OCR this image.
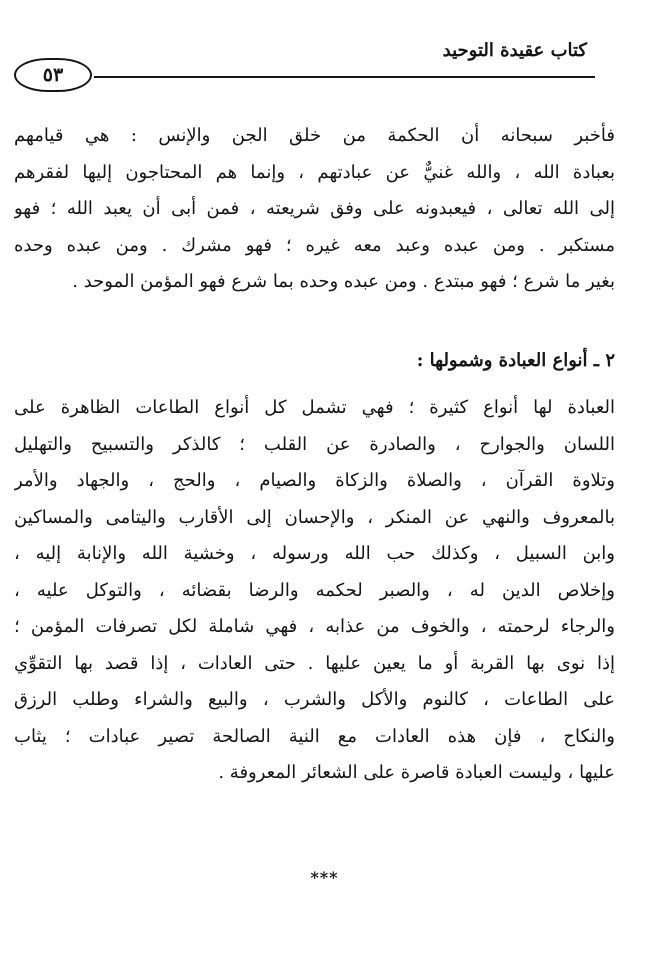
كتاب عقيدة التوحيد
٥٣
فأخبر سبحانه أن الحكمة من خلق الجن والإنس : هي قيامهم
بعبادة الله ، والله غنيٌّ عن عبادتهم ، وإنما هم المحتاجون إليها لفقرهم
إلى الله تعالى ، فيعبدونه على وفق شريعته ، فمن أبى أن يعبد الله ؛ فهو
مستكبر . ومن عبده وعبد معه غيره ؛ فهو مشرك . ومن عبده وحده
بغير ما شرع ؛ فهو مبتدع . ومن عبده وحده بما شرع فهو المؤمن الموحد .
٢ ـ أنواع العبادة وشمولها :
العبادة لها أنواع كثيرة ؛ فهي تشمل كل أنواع الطاعات الظاهرة على
اللسان والجوارح ، والصادرة عن القلب ؛ كالذكر والتسبيح والتهليل
وتلاوة القرآن ، والصلاة والزكاة والصيام ، والحج ، والجهاد والأمر
بالمعروف والنهي عن المنكر ، والإحسان إلى الأقارب واليتامى والمساكين
وابن السبيل ، وكذلك حب الله ورسوله ، وخشية الله والإنابة إليه ،
وإخلاص الدين له ، والصبر لحكمه والرضا بقضائه ، والتوكل عليه ،
والرجاء لرحمته ، والخوف من عذابه ، فهي شاملة لكل تصرفات المؤمن ؛
إذا نوى بها القربة أو ما يعين عليها . حتى العادات ، إذا قصد بها التقوِّي
على الطاعات ، كالنوم والأكل والشرب ، والبيع والشراء وطلب الرزق
والنكاح ، فإن هذه العادات مع النية الصالحة تصير عبادات ؛ يثاب
عليها ، وليست العبادة قاصرة على الشعائر المعروفة .
***
